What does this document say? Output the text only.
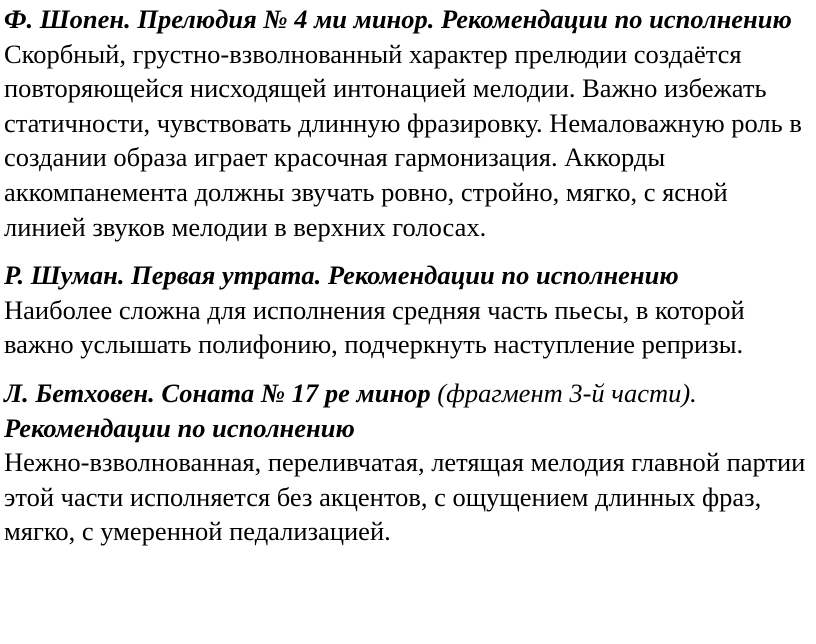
Ф. Шопен. Прелюдия № 4 ми минор. Рекомендации по исполнению
Скорбный, грустно-взволнованный характер прелюдии создаётся повторяющейся нисходящей интонацией мелодии. Важно избежать статичности, чувствовать длинную фразировку. Немаловажную роль в создании образа играет красочная гармонизация. Аккорды аккомпанемента должны звучать ровно, стройно, мягко, с ясной линией звуков мелодии в верхних голосах.
Р. Шуман. Первая утрата. Рекомендации по исполнению
Наиболее сложна для исполнения средняя часть пьесы, в которой важно услышать полифонию, подчеркнуть наступление репризы.
Л. Бетховен. Соната № 17 ре минор (фрагмент 3-й части). Рекомендации по исполнению
Нежно-взволнованная, переливчатая, летящая мелодия главной партии этой части исполняется без акцентов, с ощущением длинных фраз, мягко, с умеренной педализацией.
